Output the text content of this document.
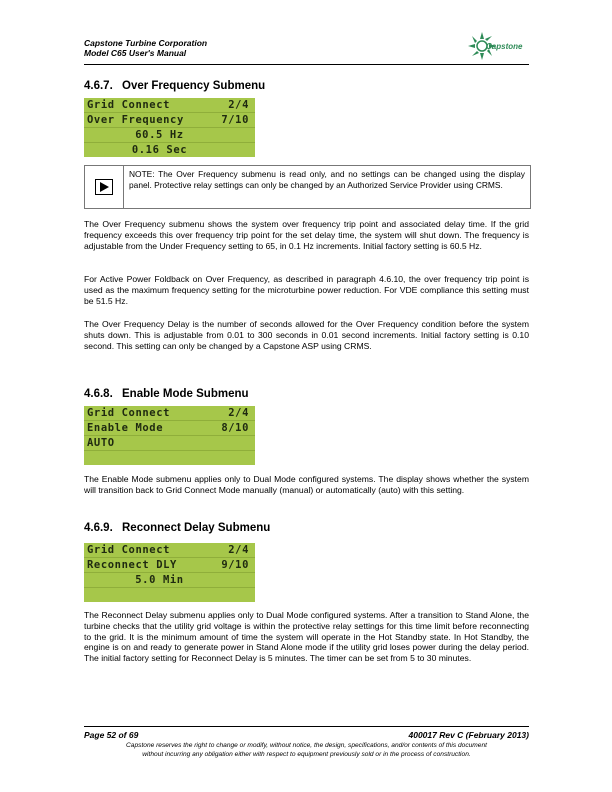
Capstone Turbine Corporation
Model C65 User's Manual
Capstone
4.6.7. Over Frequency Submenu
Grid Connect	2/4
Over Frequency	7/10
60.5 Hz
0.16 Sec
NOTE: The Over Frequency submenu is read only, and no settings can be changed using the display panel. Protective relay settings can only be changed by an Authorized Service Provider using CRMS.

The Over Frequency submenu shows the system over frequency trip point and associated delay time. If the grid frequency exceeds this over frequency trip point for the set delay time, the system will shut down. The frequency is adjustable from the Under Frequency setting to 65, in 0.1 Hz increments. Initial factory setting is 60.5 Hz.

For Active Power Foldback on Over Frequency, as described in paragraph 4.6.10, the over frequency trip point is used as the maximum frequency setting for the microturbine power reduction. For VDE compliance this setting must be 51.5 Hz.

The Over Frequency Delay is the number of seconds allowed for the Over Frequency condition before the system shuts down. This is adjustable from 0.01 to 300 seconds in 0.01 second increments. Initial factory setting is 0.10 second. This setting can only be changed by a Capstone ASP using CRMS.

4.6.8. Enable Mode Submenu
Grid Connect	2/4
Enable Mode	8/10
AUTO

The Enable Mode submenu applies only to Dual Mode configured systems. The display shows whether the system will transition back to Grid Connect Mode manually (manual) or automatically (auto) with this setting.

4.6.9. Reconnect Delay Submenu
Grid Connect	2/4
Reconnect DLY	9/10
5.0 Min

The Reconnect Delay submenu applies only to Dual Mode configured systems. After a transition to Stand Alone, the turbine checks that the utility grid voltage is within the protective relay settings for this time limit before reconnecting to the grid. It is the minimum amount of time the system will operate in the Hot Standby state. In Hot Standby, the engine is on and ready to generate power in Stand Alone mode if the utility grid loses power during the delay period. The initial factory setting for Reconnect Delay is 5 minutes. The timer can be set from 5 to 30 minutes.

Page 52 of 69	400017 Rev C (February 2013)
Capstone reserves the right to change or modify, without notice, the design, specifications, and/or contents of this document
without incurring any obligation either with respect to equipment previously sold or in the process of construction.
